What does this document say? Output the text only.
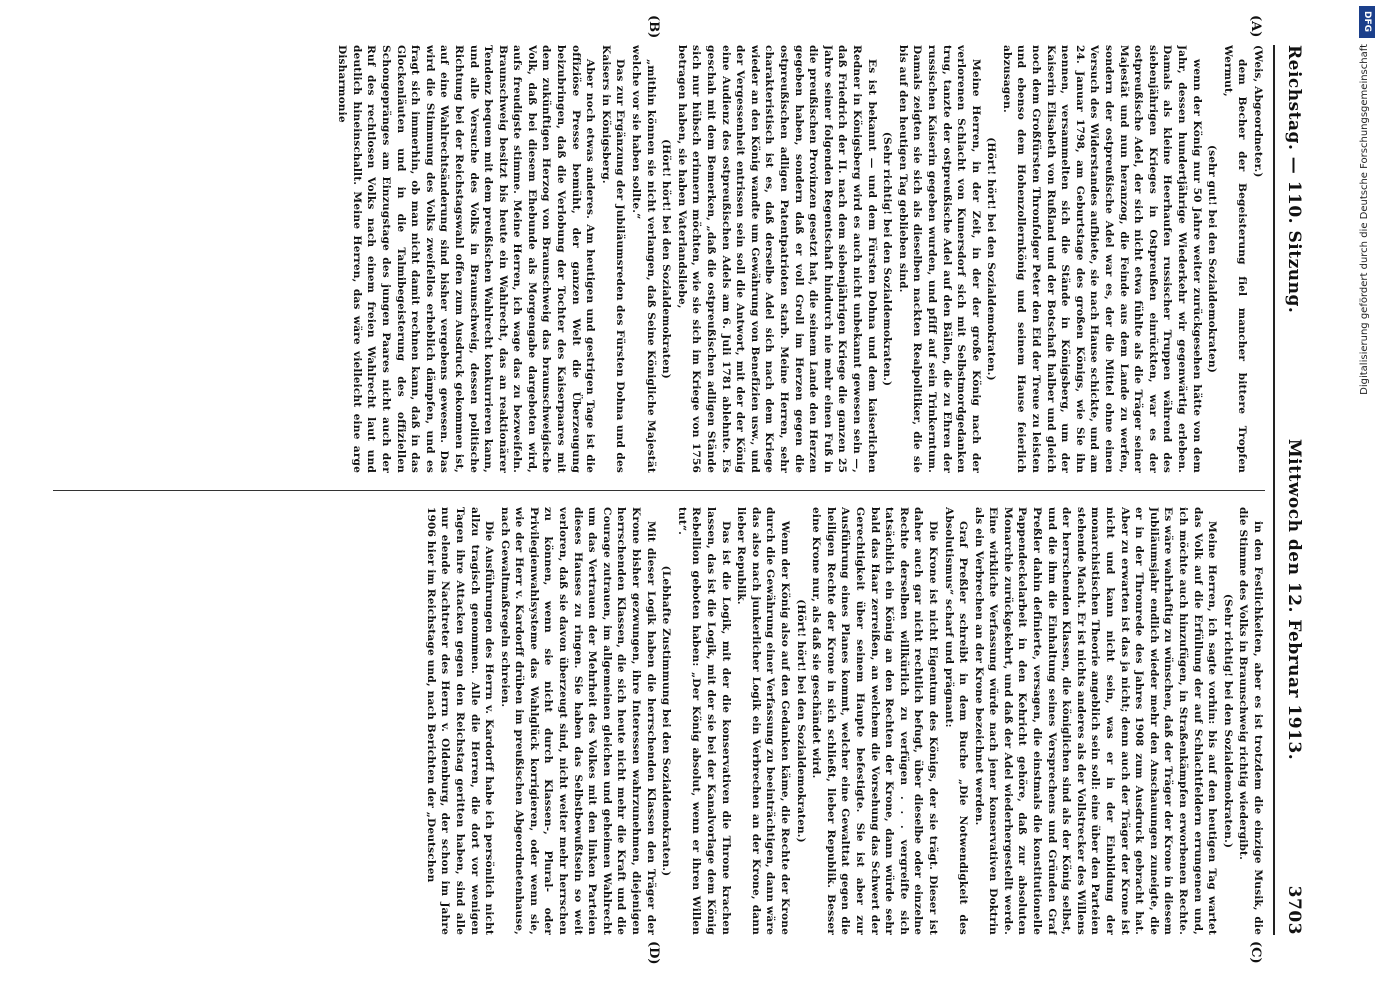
Reichstag. — 110. Sitzung.
Mittwoch den 12. Februar 1913.
3703

(Weis, Abgeordneter.)

dem Becher der Begeisterung fiel mancher bittere Tropfen Wermut,

(sehr gut! bei den Sozialdemokraten)

wenn der König nur 50 Jahre weiter zurückgesehen hätte von dem Jahr, dessen hundertjährige Wiederkehr wir gegenwärtig erleben. Damals als kleine Heerhaufen russischer Truppen während des siebenjährigen Krieges in Ostpreußen einrückten, war es der ostpreußische Adel, der sich nicht etwa fühlte als die Träger seiner Majestät und nun heranzog, die Feinde aus dem Lande zu werfen, sondern der ostpreußische Adel war es, der die Mittel ohne einen Versuch des Widerstandes aufbiete, sie nach Hause schickte, und am 24. Januar 1798, am Geburtstage des großen Königs, wie Sie ihn nennen, versammelten sich die Stände in Königsberg, um der Kaiserin Elisabeth von Rußland und der Botschaft halber und gleich noch dem Großfürsten Thronfolger Peter den Eid der Treue zu leisten und ebenso dem Hohenzollernkönig und seinem Hause feierlich abzusagen.

(Hört! hört! bei den Sozialdemokraten.)

Meine Herren, in der Zeit, in der der große König nach der verlorenen Schlacht von Kunersdorf sich mit Selbstmordgedanken trug, tanzte der ostpreußische Adel auf den Bällen, die zu Ehren der russischen Kaiserin gegeben wurden, und pfiff auf sein Trinkerntum. Damals zeigten sie sich als dieselben nackten Realpolitiker, die sie bis auf den heutigen Tag geblieben sind.

(Sehr richtig! bei den Sozialdemokraten.)

Es ist bekannt — und dem Fürsten Dohna und dem kaiserlichen Redner in Königsberg wird es auch nicht unbekannt gewesen sein —, daß Friedrich der II. nach dem siebenjährigen Kriege die ganzen 25 Jahre seiner folgenden Regentschaft hindurch nie mehr einen Fuß in die preußischen Provinzen gesetzt hat, die seinem Lande den Herzen gegeben haben, sondern daß er voll Groll im Herzen gegen die ostpreußischen adligen Patentpatrioten starb. Meine Herren, sehr charakteristisch ist es, daß derselbe Adel sich nach dem Kriege wieder an den König wandte um Gewährung von Benefizien usw., und der Vergessenheit entrissen sein soll die Antwort, mit der der König eine Audienz des ostpreußischen Adels am 6. Juli 1781 ablehnte. Es geschah mit dem Bemerken, „daß die ostpreußischen adligen Stände sich nur hübsch erinnern möchten, wie sie sich im Kriege von 1756 betragen haben, sie haben Vaterlandsliebe,

(Hört! hört! bei den Sozialdemokraten)

„mithin können sie nicht verlangen, daß Seine Königliche Majestät welche vor sie haben sollte.“

Das zur Ergänzung der Jubiläumsreden des Fürsten Dohna und des Kaisers in Königsberg.

Aber noch etwas anderes. Am heutigen und gestrigen Tage ist die offiziöse Presse bemüht, der ganzen Welt die Überzeugung beizubringen, daß die Verlobung der Tochter des Kaiserpaares mit dem zukünftigen Herzog von Braunschweig das braunschweigische Volk, daß bei diesem Ehebunde als Morgengabe dargeboten wird, aufs freudigste stimme. Meine Herren, ich wage das zu bezweifeln. Braunschweig besitzt bis heute ein Wahlrecht, das an reaktionärer Tendenz bequem mit dem preußischen Wahlrecht konkurrieren kann, und alle Versuche des Volks in Braunschweig, dessen politische Richtung bei der Reichstagswahl offen zum Ausdruck gekommen ist, auf eine Wahlrechtsänderung sind bisher vergebens gewesen. Das wird die Stimmung des Volks zweifellos erheblich dämpfen, und es fragt sich immerhin, ob man nicht damit rechnen kann, daß in das Glockenläuten und in die Talmibegeisterung des offiziellen Schongepränges am Einzugstage des jungen Paares nicht auch der Ruf des rechtlosen Volks nach einem freien Wahlrecht laut und deutlich hineinschallt. Meine Herren, das wäre vielleicht eine arge Disharmonie

in den Festlichkeiten, aber es ist trotzdem die einzige Musik, die die Stimme des Volks in Braunschweig richtig wiedergibt.

(Sehr richtig! bei den Sozialdemokraten.)

Meine Herren, ich sagte vorhin: bis auf den heutigen Tag wartet das Volk auf die Erfüllung der auf Schlachtfeldern errungenen und, ich möchte auch hinzufügen, in Straßenkämpfen erworbenen Rechte. Es wäre wahrhaftig zu wünschen, daß der Träger der Krone in diesem Jubiläumsjahr endlich wieder mehr den Anschauungen zuneigte, die er in der Thronrede des Jahres 1908 zum Ausdruck gebracht hat. Aber zu erwarten ist das ja nicht; denn auch der Träger der Krone ist nicht und kann nicht sein, was er in der Einbildung der monarchistischen Theorie angeblich sein soll: eine über den Parteien stehende Macht. Er ist nichts anderes als der Vollstrecker des Willens der herrschenden Klassen, die königlichen sind als der König selbst, und die ihm die Einhaltung seines Versprechens und Gründen Graf Preßler dahin definierte, versagen, die einstmals die konstitutionelle Pappendeckelarbeit in den Kehricht gehöre, daß zur absoluten Monarchie zurückgekehrt, und daß der Adel wiederhergestellt werde. Eine wirkliche Verfassung würde nach jener konservativen Doktrin als ein Verbrechen an der Krone bezeichnet werden.

Graf Preßler schreibt in dem Buche „Die Notwendigkeit des Absolutismus“ scharf und prägnant:

Die Krone ist nicht Eigentum des Königs, der sie trägt. Dieser ist daher auch gar nicht rechtlich befugt, über dieselbe oder einzelne Rechte derselben willkürlich zu verfügen . . . vergreifte sich tatsächlich ein König an den Rechten der Krone, dann würde sehr bald das Haar zerreißen, an welchem die Vorsehung das Schwert der Gerechtigkeit über seinem Haupte befestigte. Sie ist aber zur Ausführung eines Planes kommt, welcher eine Gewalttat gegen die heiligen Rechte der Krone in sich schließt, lieber Republik. Besser eine Krone nur, als daß sie geschändet wird.

(Hört! hört! bei den Sozialdemokraten.)

Wenn der König also auf den Gedanken käme, die Rechte der Krone durch die Gewährung einer Verfassung zu beeinträchtigen, dann wäre das also nach junkerlicher Logik ein Verbrechen an der Krone, dann lieber Republik.

Das ist die Logik, mit der die konservativen die Throne krachen lassen, das ist die Logik, mit der sie bei der Kanalvorlage dem König Rebellion geboten haben: „Der König absolut, wenn er ihren Willen tut“.

(Lebhafte Zustimmung bei den Sozialdemokraten.)

Mit dieser Logik haben die herrschenden Klassen den Träger der Krone bisher gezwungen, ihre Interessen wahrzunehmen, diejenigen herrschenden Klassen, die sich heute nicht mehr die Kraft und die Courage zutrauen, im allgemeinen gleichen und geheimen Wahlrecht um das Vertrauen der Mehrheit des Volkes mit den linken Parteien dieses Hauses zu ringen. Sie haben das Selbstbewußtsein so weit verloren, daß sie davon überzeugt sind, nicht weiter mehr herrschen zu können, wenn sie nicht durch Klassen-, Plural- oder Privilegienwahlsysteme das Wahlglück korrigieren, oder wenn sie, wie der Herr v. Kardorff drüben im preußischen Abgeordnetenhause, nach Gewaltmaßregeln schreien.

Die Ausführungen des Herrn v. Kardorff habe ich persönlich nicht allzu tragisch genommen. Alle die Herren, die dort vor wenigen Tagen ihre Attacken gegen den Reichstag geritten haben, sind alle nur elende Nachtreter des Herrn v. Oldenburg, der schon im Jahre 1906 hier im Reichstage und, nach Berichten der „Deutschen

(A)
(B)
(C)
(D)
DFG
Digitalisierung gefördert durch die Deutsche Forschungsgemeinschaft
